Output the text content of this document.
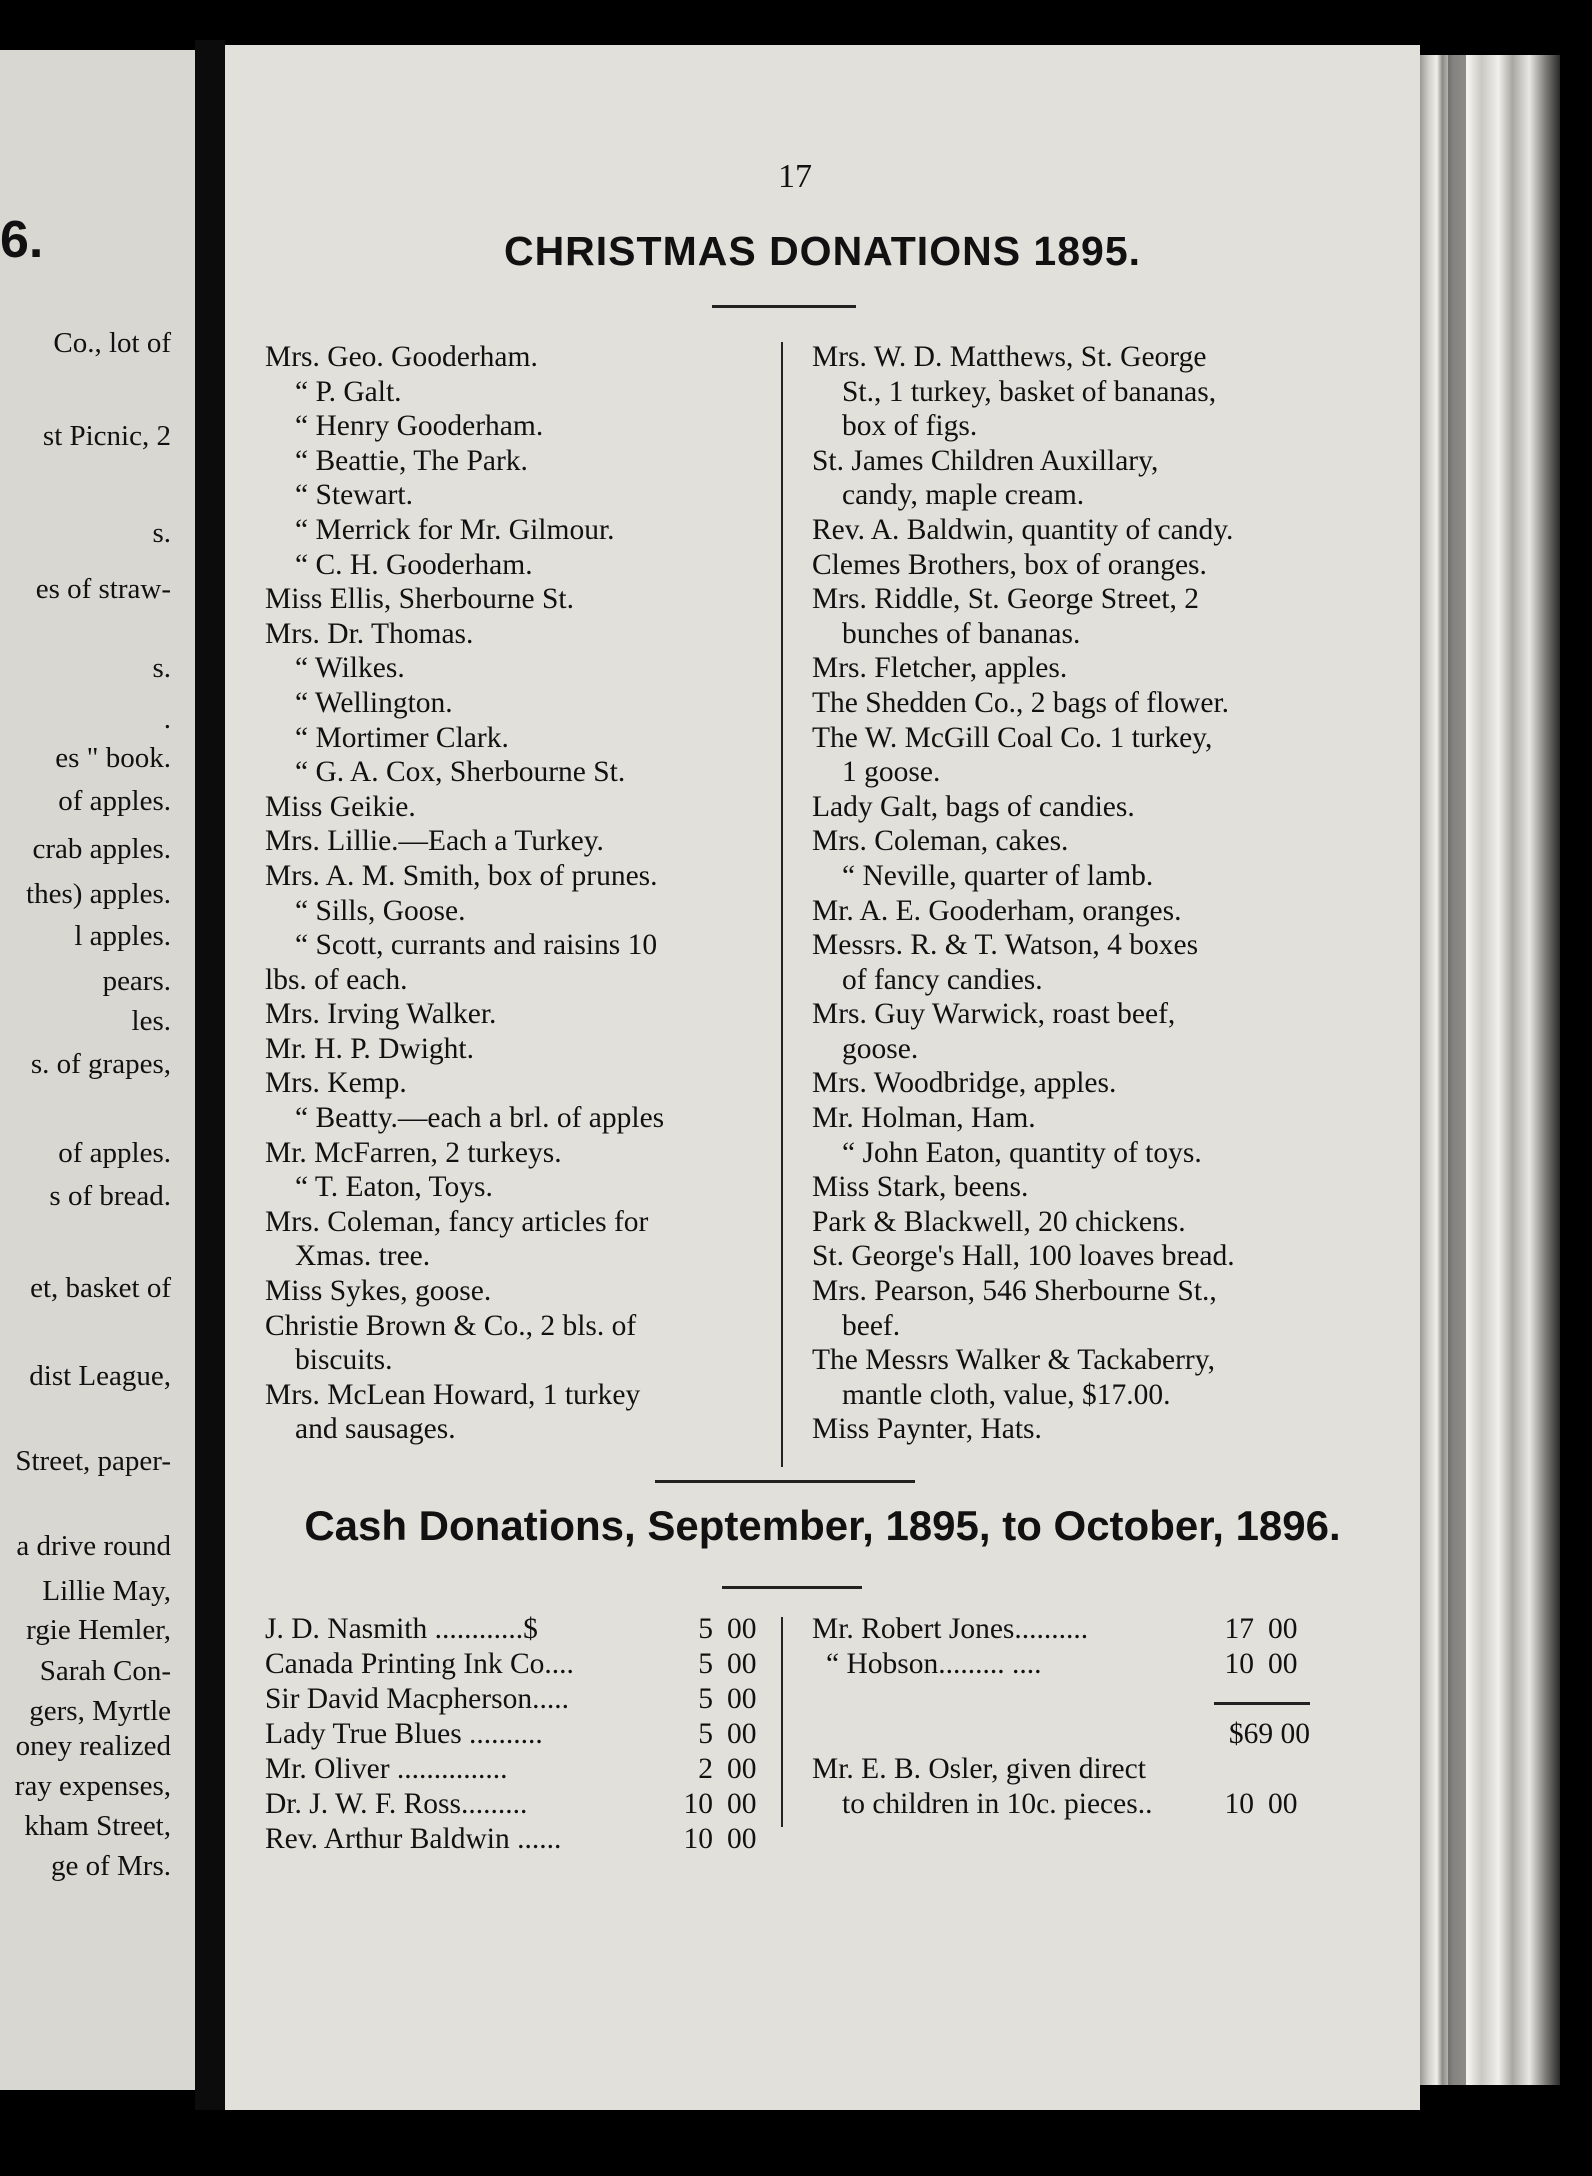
6.
Co., lot of
st Picnic, 2
s.
es of straw-
s.
.
es " book.
of apples.
crab apples.
thes) apples.
l apples.
pears.
les.
s. of grapes,
of apples.
s of bread.
et, basket of
dist League,
Street, paper-
a drive round
Lillie May,
rgie Hemler,
Sarah Con-
gers, Myrtle
oney realized
ray expenses,
kham Street,
ge of Mrs.
17
CHRISTMAS DONATIONS 1895.
Mrs. Geo. Gooderham.
“ P. Galt.
“ Henry Gooderham.
“ Beattie, The Park.
“ Stewart.
“ Merrick for Mr. Gilmour.
“ C. H. Gooderham.
Miss Ellis, Sherbourne St.
Mrs. Dr. Thomas.
“ Wilkes.
“ Wellington.
“ Mortimer Clark.
“ G. A. Cox, Sherbourne St.
Miss Geikie.
Mrs. Lillie.—Each a Turkey.
Mrs. A. M. Smith, box of prunes.
“ Sills, Goose.
“ Scott, currants and raisins 10
lbs. of each.
Mrs. Irving Walker.
Mr. H. P. Dwight.
Mrs. Kemp.
“ Beatty.—each a brl. of apples
Mr. McFarren, 2 turkeys.
“ T. Eaton, Toys.
Mrs. Coleman, fancy articles for
Xmas. tree.
Miss Sykes, goose.
Christie Brown & Co., 2 bls. of
biscuits.
Mrs. McLean Howard, 1 turkey
and sausages.
Mrs. W. D. Matthews, St. George
St., 1 turkey, basket of bananas,
box of figs.
St. James Children Auxillary,
candy, maple cream.
Rev. A. Baldwin, quantity of candy.
Clemes Brothers, box of oranges.
Mrs. Riddle, St. George Street, 2
bunches of bananas.
Mrs. Fletcher, apples.
The Shedden Co., 2 bags of flower.
The W. McGill Coal Co. 1 turkey,
1 goose.
Lady Galt, bags of candies.
Mrs. Coleman, cakes.
“ Neville, quarter of lamb.
Mr. A. E. Gooderham, oranges.
Messrs. R. & T. Watson, 4 boxes
of fancy candies.
Mrs. Guy Warwick, roast beef,
goose.
Mrs. Woodbridge, apples.
Mr. Holman, Ham.
“ John Eaton, quantity of toys.
Miss Stark, beens.
Park & Blackwell, 20 chickens.
St. George's Hall, 100 loaves bread.
Mrs. Pearson, 546 Sherbourne St.,
beef.
The Messrs Walker & Tackaberry,
mantle cloth, value, $17.00.
Miss Paynter, Hats.
Cash Donations, September, 1895, to October, 1896.
J. D. Nasmith ............$	5 00
Canada Printing Ink Co....	5 00
Sir David Macpherson.....	5 00
Lady True Blues ..........	5 00
Mr. Oliver ...............	2 00
Dr. J. W. F. Ross.........	10 00
Rev. Arthur Baldwin ......	10 00
Mr. Robert Jones..........	17 00
“ Hobson......... ....	10 00
$69 00
Mr. E. B. Osler, given direct
to children in 10c. pieces..	10 00
